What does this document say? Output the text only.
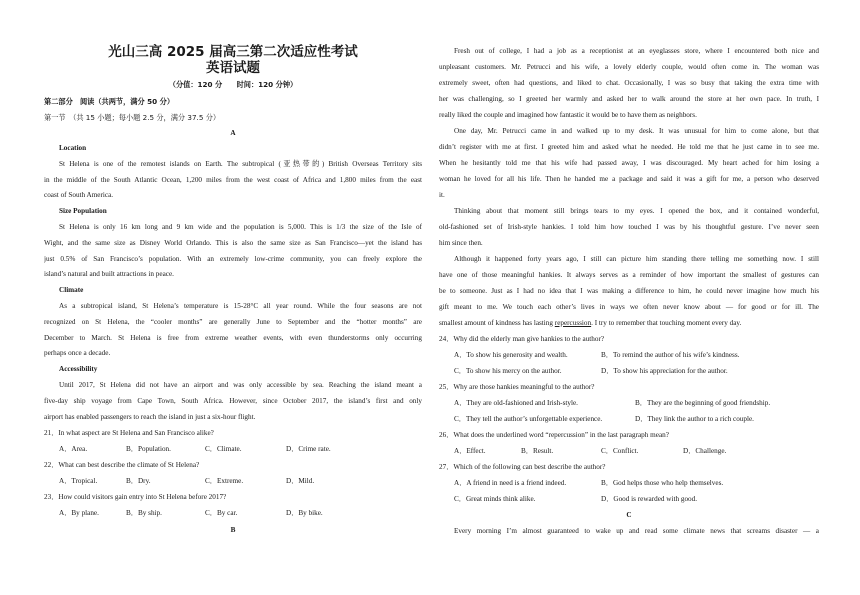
光山三高 2025 届高三第二次适应性考试
英语试题
（分值：120 分　　时间：120 分钟）
第二部分　阅读（共两节，满分 50 分）
第一节　（共 15 小题；每小题 2.5 分，满分 37.5 分）
A
Location
St Helena is one of the remotest islands on Earth. The subtropical (亚热带的) British Overseas Territory sits
in the middle of the South Atlantic Ocean, 1,200 miles from the west coast of Africa and 1,800 miles from the east
coast of South America.
Size Population
St Helena is only 16 km long and 9 km wide and the population is 5,000. This is 1/3 the size of the Isle of
Wight, and the same size as Disney World Orlando. This is also the same size as San Francisco—yet the island has
just 0.5% of San Francisco’s population. With an extremely low-crime community, you can freely explore the
island’s natural and built attractions in peace.
Climate
As a subtropical island, St Helena’s temperature is 15-28°C all year round. While the four seasons are not
recognized on St Helena, the “cooler months” are generally June to September and the “hotter months” are
December to March. St Helena is free from extreme weather events, with even thunderstorms only occurring
perhaps once a decade.
Accessibility
Until 2017, St Helena did not have an airport and was only accessible by sea. Reaching the island meant a
five-day ship voyage from Cape Town, South Africa. However, since October 2017, the island’s first and only
airport has enabled passengers to reach the island in just a six-hour flight.
21．In what aspect are St Helena and San Francisco alike?
A．Area.	B．Population.	C．Climate.	D．Crime rate.
22．What can best describe the climate of St Helena?
A．Tropical.	B．Dry.	C．Extreme.	D．Mild.
23．How could visitors gain entry into St Helena before 2017?
A．By plane.	B．By ship.	C．By car.	D．By bike.
B
Fresh out of college, I had a job as a receptionist at an eyeglasses store, where I encountered both nice and
unpleasant customers. Mr. Petrucci and his wife, a lovely elderly couple, would often come in. The woman was
extremely sweet, often had questions, and liked to chat. Occasionally, I was so busy that taking the extra time with
her was challenging, so I greeted her warmly and asked her to walk around the store at her own pace. In truth, I
really liked the couple and imagined how fantastic it would be to have them as neighbors.
One day, Mr. Petrucci came in and walked up to my desk. It was unusual for him to come alone, but that
didn’t register with me at first. I greeted him and asked what he needed. He told me that he just came in to see me.
When he hesitantly told me that his wife had passed away, I was discouraged. My heart ached for him losing a
woman he loved for all his life. Then he handed me a package and said it was a gift for me, a person who deserved
it.
Thinking about that moment still brings tears to my eyes. I opened the box, and it contained wonderful,
old-fashioned set of Irish-style hankies. I told him how touched I was by his thoughtful gesture. I’ve never seen
him since then.
Although it happened forty years ago, I still can picture him standing there telling me something now. I still
have one of those meaningful hankies. It always serves as a reminder of how important the smallest of gestures can
be to someone. Just as I had no idea that I was making a difference to him, he could never imagine how much his
gift meant to me. We touch each other’s lives in ways we often never know about — for good or for ill. The
smallest amount of kindness has lasting repercussion. I try to remember that touching moment every day.
24．Why did the elderly man give hankies to the author?
A．To show his generosity and wealth.	B．To remind the author of his wife’s kindness.
C．To show his mercy on the author.	D．To show his appreciation for the author.
25．Why are those hankies meaningful to the author?
A．They are old-fashioned and Irish-style.	B．They are the beginning of good friendship.
C．They tell the author’s unforgettable experience.	D．They link the author to a rich couple.
26．What does the underlined word “repercussion” in the last paragraph mean?
A．Effect.	B．Result.	C．Conflict.	D．Challenge.
27．Which of the following can best describe the author?
A．A friend in need is a friend indeed.	B．God helps those who help themselves.
C．Great minds think alike.	D．Good is rewarded with good.
C
Every morning I’m almost guaranteed to wake up and read some climate news that screams disaster — a
